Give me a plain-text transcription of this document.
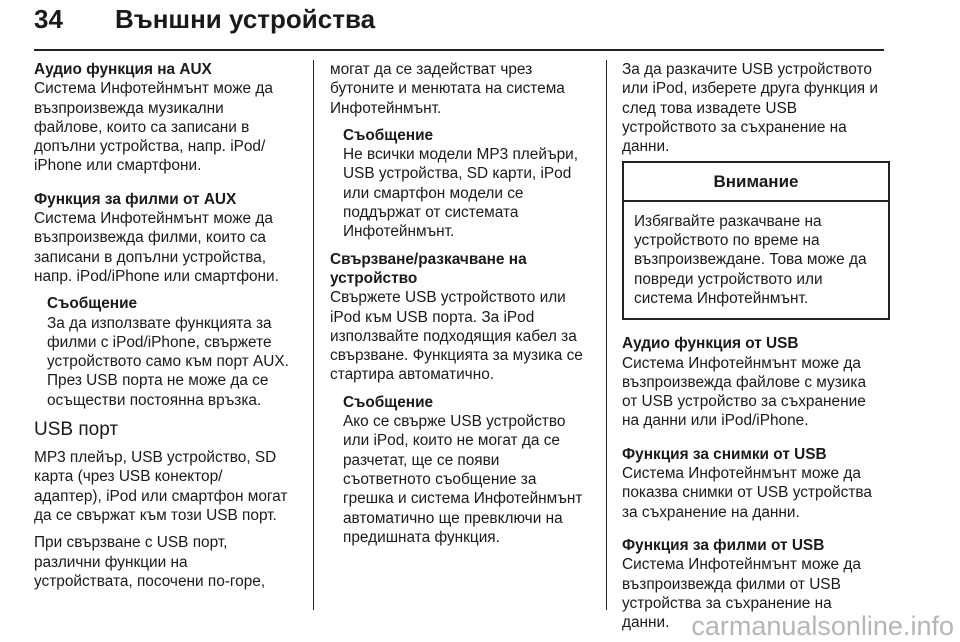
34 Външни устройства

Аудио функция на AUX

Система Инфотейнмънт може да
възпроизвежда музикални
файлове, които са записани в
допълни устройства, напр. iPod/
iPhone или смартфони.

Функция за филми от AUX

Система Инфотейнмънт може да
възпроизвежда филми, които са
записани в допълни устройства,
напр. iPod/iPhone или смартфони.

Съобщение

За да използвате функцията за
филми с iPod/iPhone, свържете
устройството само към порт AUX.
През USB порта не може да се
осъществи постоянна връзка.

USB порт

MP3 плейър, USB устройство, SD
карта (чрез USB конектор/
адаптер), iPod или смартфон могат
да се свържат към този USB порт.
При свързване с USB порт,
различни функции на
устройствата, посочени по-горе,
могат да се задействат чрез
бутоните и менютата на система
Инфотейнмънт.

Съобщение

Не всички модели MP3 плейъри,
USB устройства, SD карти, iPod
или смартфон модели се
поддържат от системата
Инфотейнмънт.
Свързване/разкачване на
устройство
Свържете USB устройството или
iPod към USB порта. За iPod
използвайте подходящия кабел за
свързване. Функцията за музика се
стартира автоматично.

Съобщение

Ако се свърже USB устройство
или iPod, които не могат да се
разчетат, ще се появи
съответното съобщение за
грешка и система Инфотейнмънт
автоматично ще превключи на
предишната функция.
За да разкачите USB устройството
или iPod, изберете друга функция и
след това извадете USB
устройството за съхранение на
данни.
Внимание
Избягвайте разкачване на
устройството по време на
възпроизвеждане. Това може да
повреди устройството или
система Инфотейнмънт.

Аудио функция от USB

Система Инфотейнмънт може да
възпроизвежда файлове с музика
от USB устройство за съхранение
на данни или iPod/iPhone.

Функция за снимки от USB

Система Инфотейнмънт може да
показва снимки от USB устройства
за съхранение на данни.

Функция за филми от USB

Система Инфотейнмънт може да
възпроизвежда филми от USB
устройства за съхранение на
данни. carmanualsonline.info
